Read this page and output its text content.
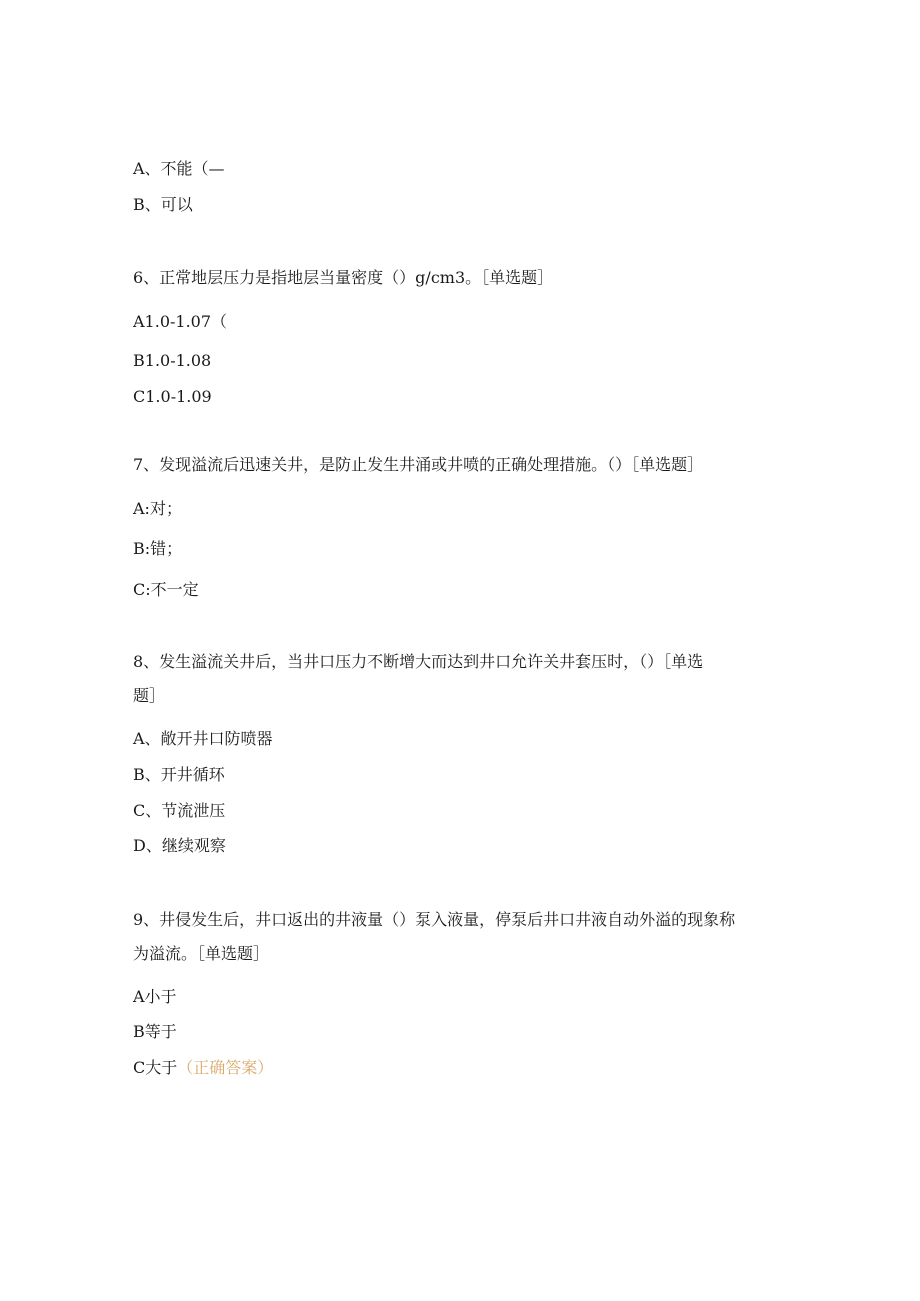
A、不能（—
B、可以
6、正常地层压力是指地层当量密度（）g/cm3。［单选题］
A1.0-1.07（
B1.0-1.08
C1.0-1.09
7、发现溢流后迅速关井，是防止发生井涌或井喷的正确处理措施。（）［单选题］
A:对；
B:错；
C:不一定
8、发生溢流关井后，当井口压力不断增大而达到井口允许关井套压时，（）［单选
题］
A、敞开井口防喷器
B、开井循环
C、节流泄压
D、继续观察
9、井侵发生后，井口返出的井液量（）泵入液量，停泵后井口井液自动外溢的现象称
为溢流。［单选题］
A小于
B等于
C大于（正确答案）
